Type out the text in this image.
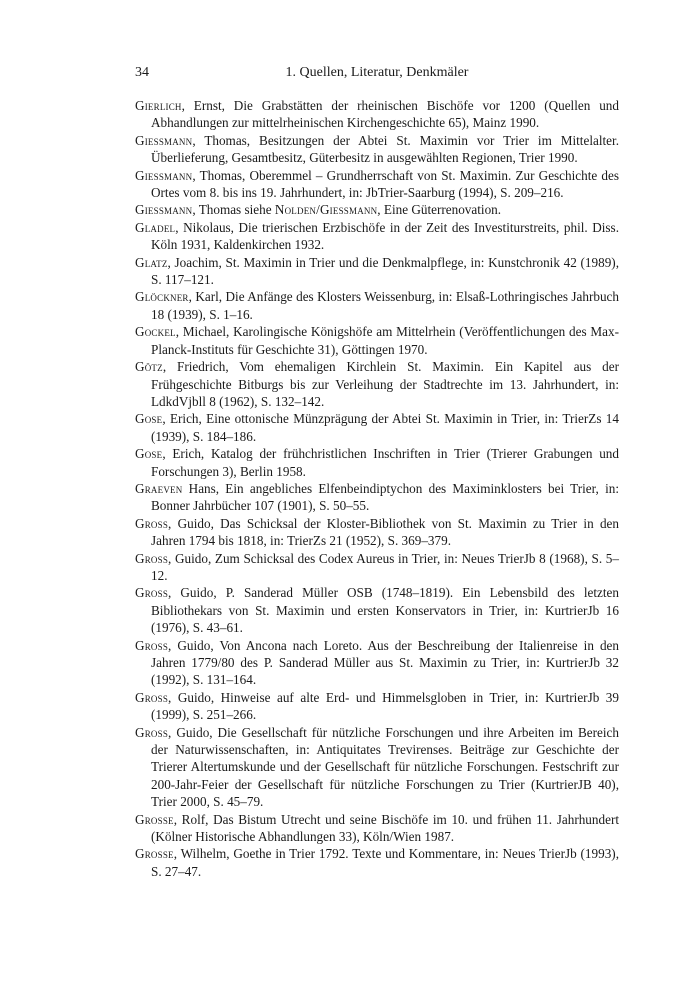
34	1. Quellen, Literatur, Denkmäler

Gierlich, Ernst, Die Grabstätten der rheinischen Bischöfe vor 1200 (Quellen und Abhandlungen zur mittelrheinischen Kirchengeschichte 65), Mainz 1990.

Giessmann, Thomas, Besitzungen der Abtei St. Maximin vor Trier im Mittelalter. Überlieferung, Gesamtbesitz, Güterbesitz in ausgewählten Regionen, Trier 1990.

Giessmann, Thomas, Oberemmel – Grundherrschaft von St. Maximin. Zur Geschichte des Ortes vom 8. bis ins 19. Jahrhundert, in: JbTrier-Saarburg (1994), S. 209–216.

Giessmann, Thomas siehe Nolden/Giessmann, Eine Güterrenovation.

Gladel, Nikolaus, Die trierischen Erzbischöfe in der Zeit des Investiturstreits, phil. Diss. Köln 1931, Kaldenkirchen 1932.

Glatz, Joachim, St. Maximin in Trier und die Denkmalpflege, in: Kunstchronik 42 (1989), S. 117–121.

Glöckner, Karl, Die Anfänge des Klosters Weissenburg, in: Elsaß-Lothringisches Jahrbuch 18 (1939), S. 1–16.

Gockel, Michael, Karolingische Königshöfe am Mittelrhein (Veröffentlichungen des Max-Planck-Instituts für Geschichte 31), Göttingen 1970.

Götz, Friedrich, Vom ehemaligen Kirchlein St. Maximin. Ein Kapitel aus der Frühgeschichte Bitburgs bis zur Verleihung der Stadtrechte im 13. Jahrhundert, in: LdkdVjbll 8 (1962), S. 132–142.

Gose, Erich, Eine ottonische Münzprägung der Abtei St. Maximin in Trier, in: TrierZs 14 (1939), S. 184–186.

Gose, Erich, Katalog der frühchristlichen Inschriften in Trier (Trierer Grabungen und Forschungen 3), Berlin 1958.

Graeven Hans, Ein angebliches Elfenbeindiptychon des Maximinklosters bei Trier, in: Bonner Jahrbücher 107 (1901), S. 50–55.

Gross, Guido, Das Schicksal der Kloster-Bibliothek von St. Maximin zu Trier in den Jahren 1794 bis 1818, in: TrierZs 21 (1952), S. 369–379.

Gross, Guido, Zum Schicksal des Codex Aureus in Trier, in: Neues TrierJb 8 (1968), S. 5–12.

Gross, Guido, P. Sanderad Müller OSB (1748–1819). Ein Lebensbild des letzten Bibliothekars von St. Maximin und ersten Konservators in Trier, in: KurtrierJb 16 (1976), S. 43–61.

Gross, Guido, Von Ancona nach Loreto. Aus der Beschreibung der Italienreise in den Jahren 1779/80 des P. Sanderad Müller aus St. Maximin zu Trier, in: KurtrierJb 32 (1992), S. 131–164.

Gross, Guido, Hinweise auf alte Erd- und Himmelsgloben in Trier, in: KurtrierJb 39 (1999), S. 251–266.

Gross, Guido, Die Gesellschaft für nützliche Forschungen und ihre Arbeiten im Bereich der Naturwissenschaften, in: Antiquitates Trevirenses. Beiträge zur Geschichte der Trierer Altertumskunde und der Gesellschaft für nützliche Forschungen. Festschrift zur 200-Jahr-Feier der Gesellschaft für nützliche Forschungen zu Trier (KurtrierJB 40), Trier 2000, S. 45–79.

Grosse, Rolf, Das Bistum Utrecht und seine Bischöfe im 10. und frühen 11. Jahrhundert (Kölner Historische Abhandlungen 33), Köln/Wien 1987.

Grosse, Wilhelm, Goethe in Trier 1792. Texte und Kommentare, in: Neues TrierJb (1993), S. 27–47.
